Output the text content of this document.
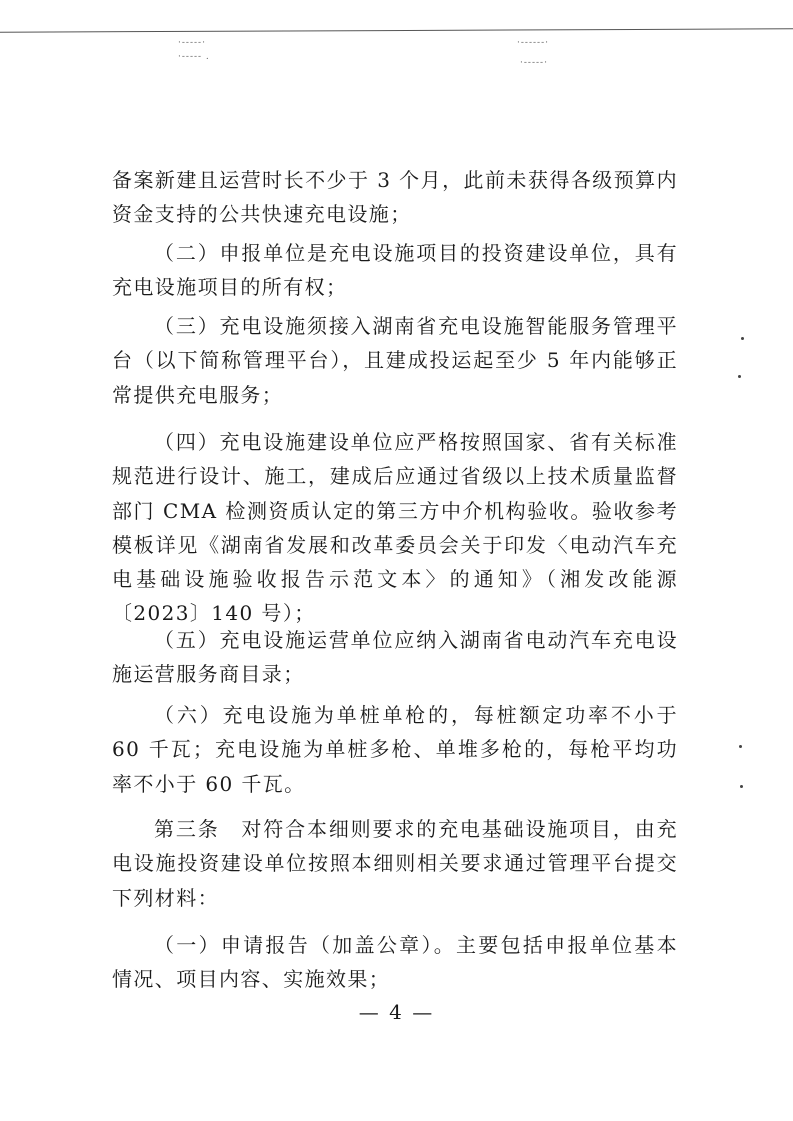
·‐‐‐‐‐·
·‐‐‐‐‐ .
·‐‐‐‐‐‐·
·‐‐‐‐‐·

备案新建且运营时长不少于 3 个月，此前未获得各级预算内资金支持的公共快速充电设施；

（二）申报单位是充电设施项目的投资建设单位，具有充电设施项目的所有权；

（三）充电设施须接入湖南省充电设施智能服务管理平台（以下简称管理平台），且建成投运起至少 5 年内能够正常提供充电服务；

（四）充电设施建设单位应严格按照国家、省有关标准规范进行设计、施工，建成后应通过省级以上技术质量监督部门 CMA 检测资质认定的第三方中介机构验收。验收参考模板详见《湖南省发展和改革委员会关于印发〈电动汽车充电基础设施验收报告示范文本〉的通知》（湘发改能源〔2023〕140 号）；

（五）充电设施运营单位应纳入湖南省电动汽车充电设施运营服务商目录；

（六）充电设施为单桩单枪的，每桩额定功率不小于 60 千瓦；充电设施为单桩多枪、单堆多枪的，每枪平均功率不小于 60 千瓦。

第三条　对符合本细则要求的充电基础设施项目，由充电设施投资建设单位按照本细则相关要求通过管理平台提交下列材料：

（一）申请报告（加盖公章）。主要包括申报单位基本情况、项目内容、实施效果；

— 4 —
